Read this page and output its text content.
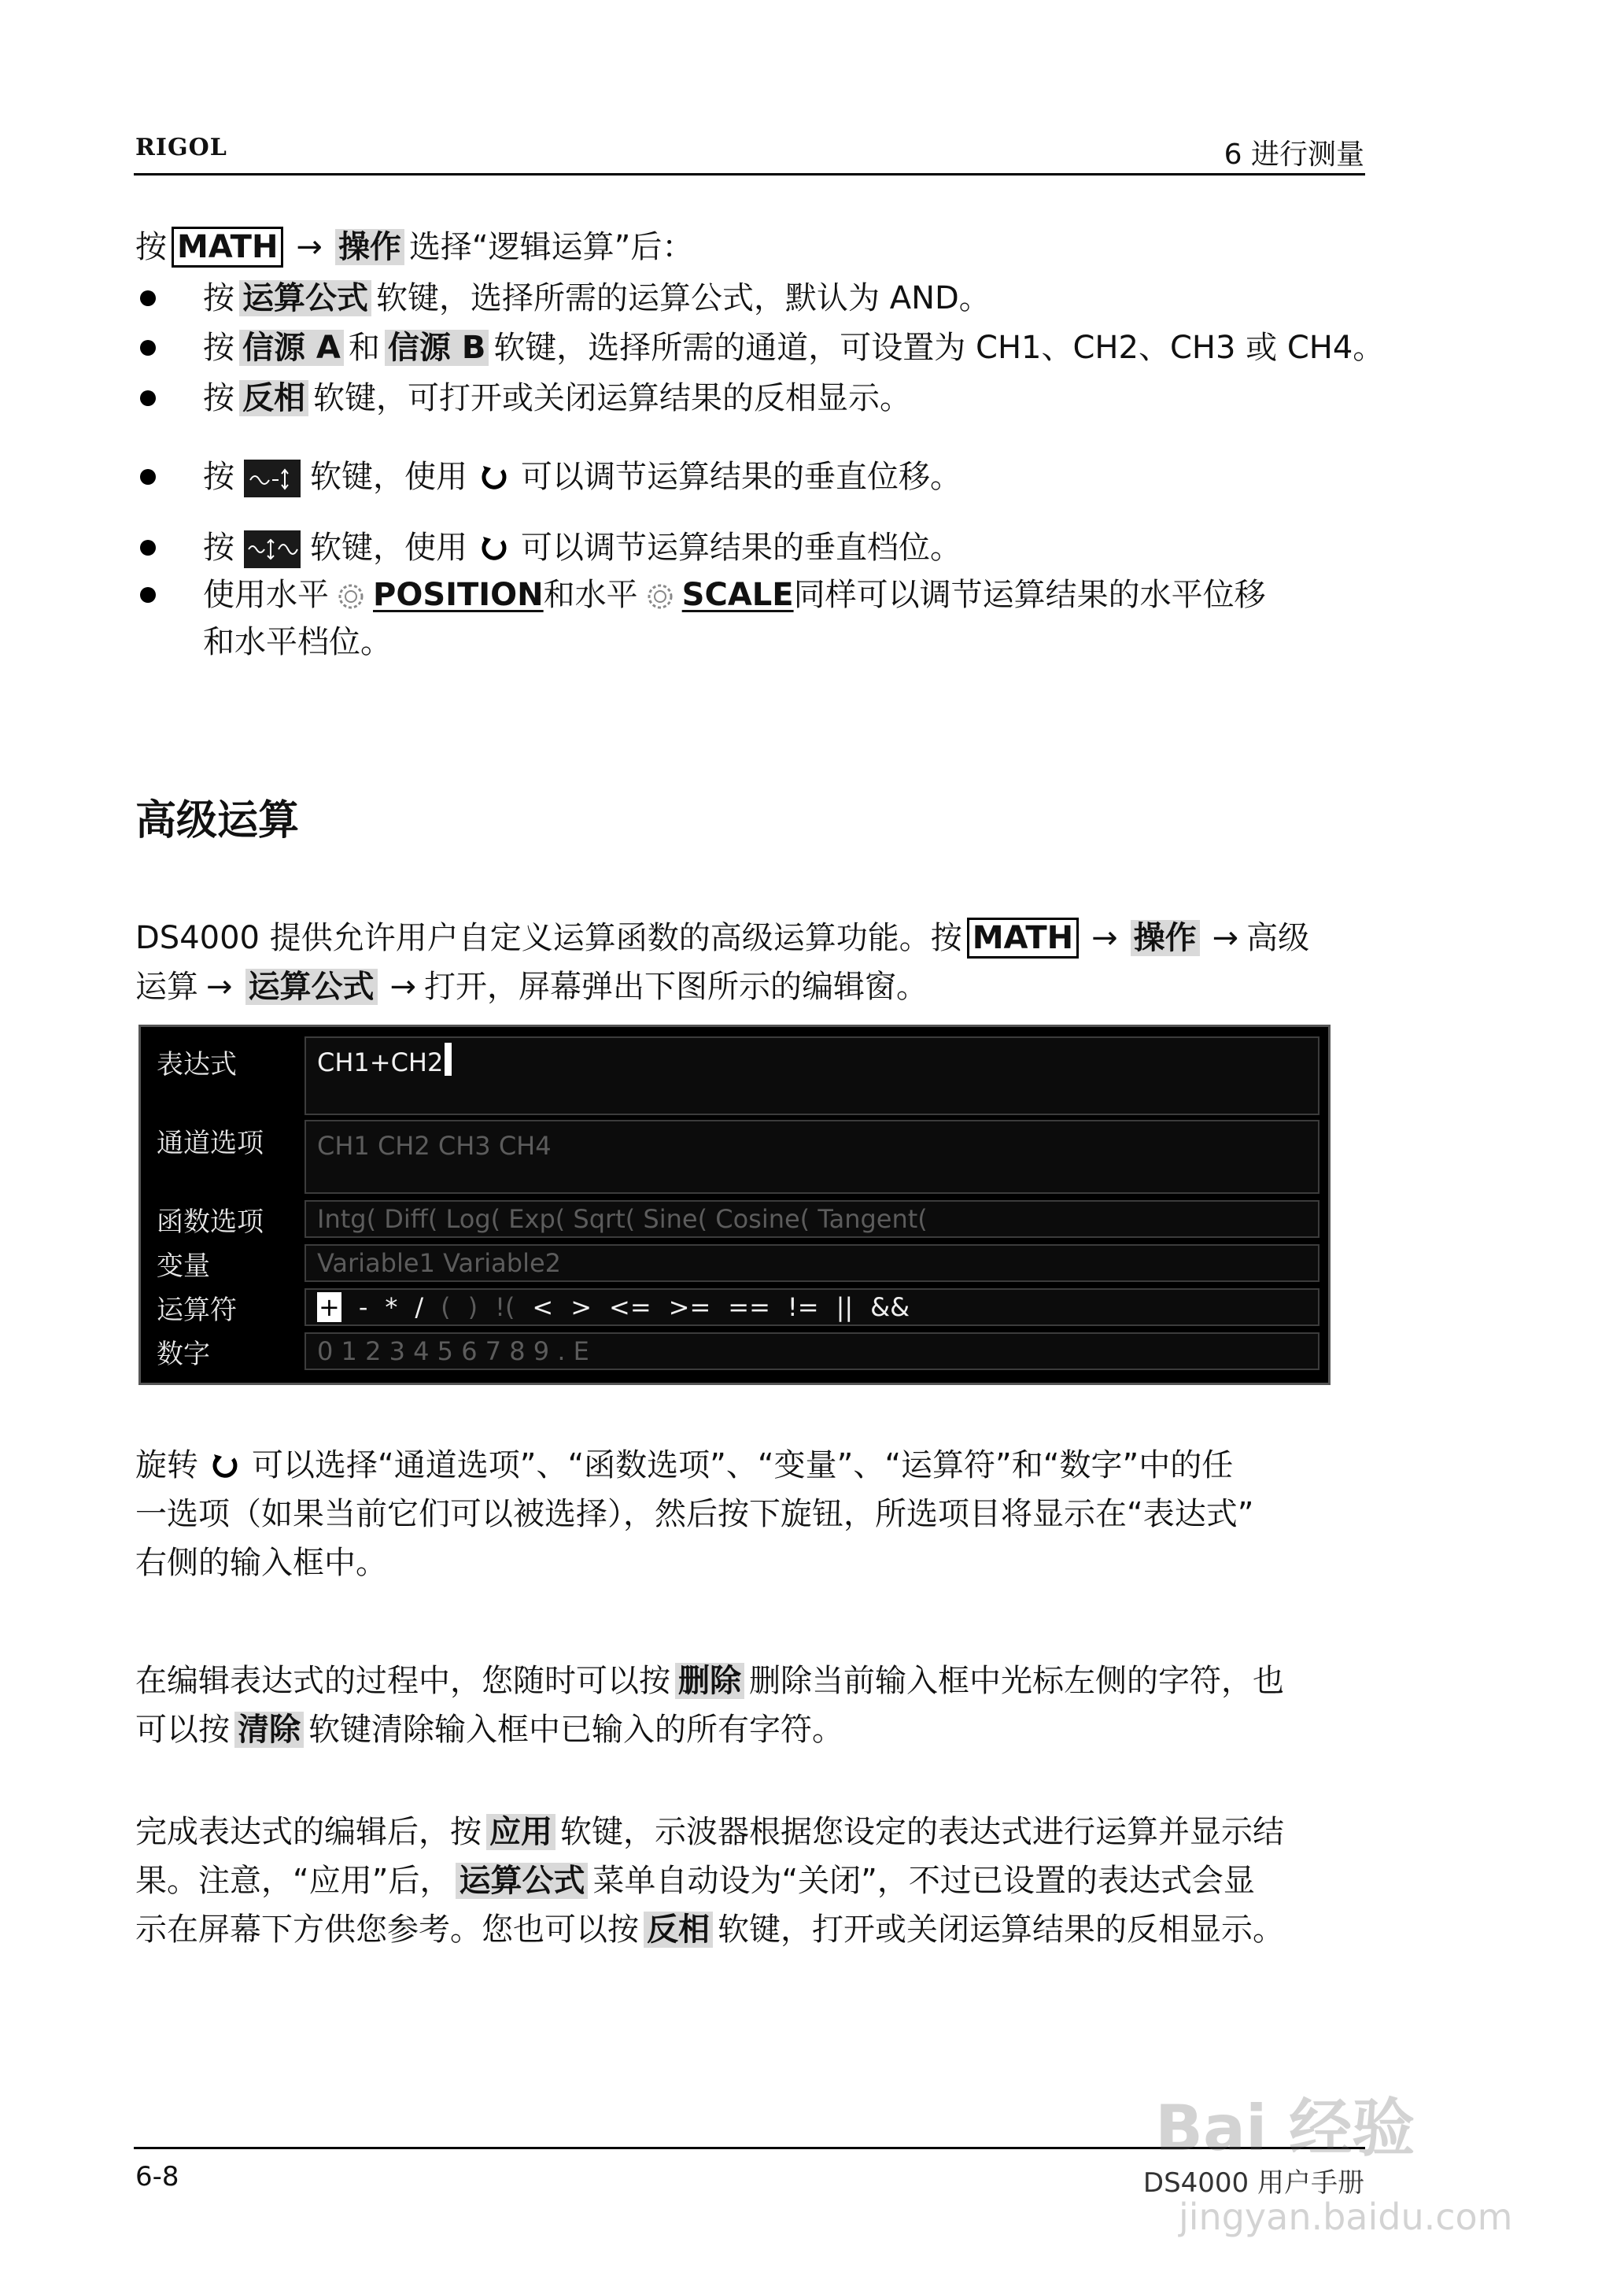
RIGOL	6 进行测量
按 MATH → 操作 选择“逻辑运算”后：
按 运算公式 软键，选择所需的运算公式，默认为 AND。
按 信源 A 和 信源 B 软键，选择所需的通道，可设置为 CH1、CH2、CH3 或 CH4。
按 反相 软键，可打开或关闭运算结果的反相显示。
按 软键，使用 可以调节运算结果的垂直位移。
按 软键，使用 可以调节运算结果的垂直档位。
使用水平 POSITION和水平 SCALE同样可以调节运算结果的水平位移
和水平档位。
高级运算
DS4000 提供允许用户自定义运算函数的高级运算功能。按 MATH → 操作 → 高级
运算 → 运算公式 → 打开，屏幕弹出下图所示的编辑窗。
表达式	CH1+CH2
通道选项	CH1 CH2 CH3 CH4
函数选项	Intg( Diff( Log( Exp( Sqrt( Sine( Cosine( Tangent(
变量	Variable1 Variable2
运算符	+ - * / ( ) !( < > <= >= == != || &&
数字	0 1 2 3 4 5 6 7 8 9 . E
旋转 可以选择“通道选项”、“函数选项”、“变量”、“运算符”和“数字”中的任
一选项（如果当前它们可以被选择），然后按下旋钮，所选项目将显示在“表达式”
右侧的输入框中。
在编辑表达式的过程中，您随时可以按 删除 删除当前输入框中光标左侧的字符，也
可以按 清除 软键清除输入框中已输入的所有字符。
完成表达式的编辑后，按 应用 软键，示波器根据您设定的表达式进行运算并显示结
果。注意，“应用”后， 运算公式 菜单自动设为“关闭”，不过已设置的表达式会显
示在屏幕下方供您参考。您也可以按 反相 软键，打开或关闭运算结果的反相显示。
6-8	DS4000 用户手册
Bai 经验
jingyan.baidu.com
